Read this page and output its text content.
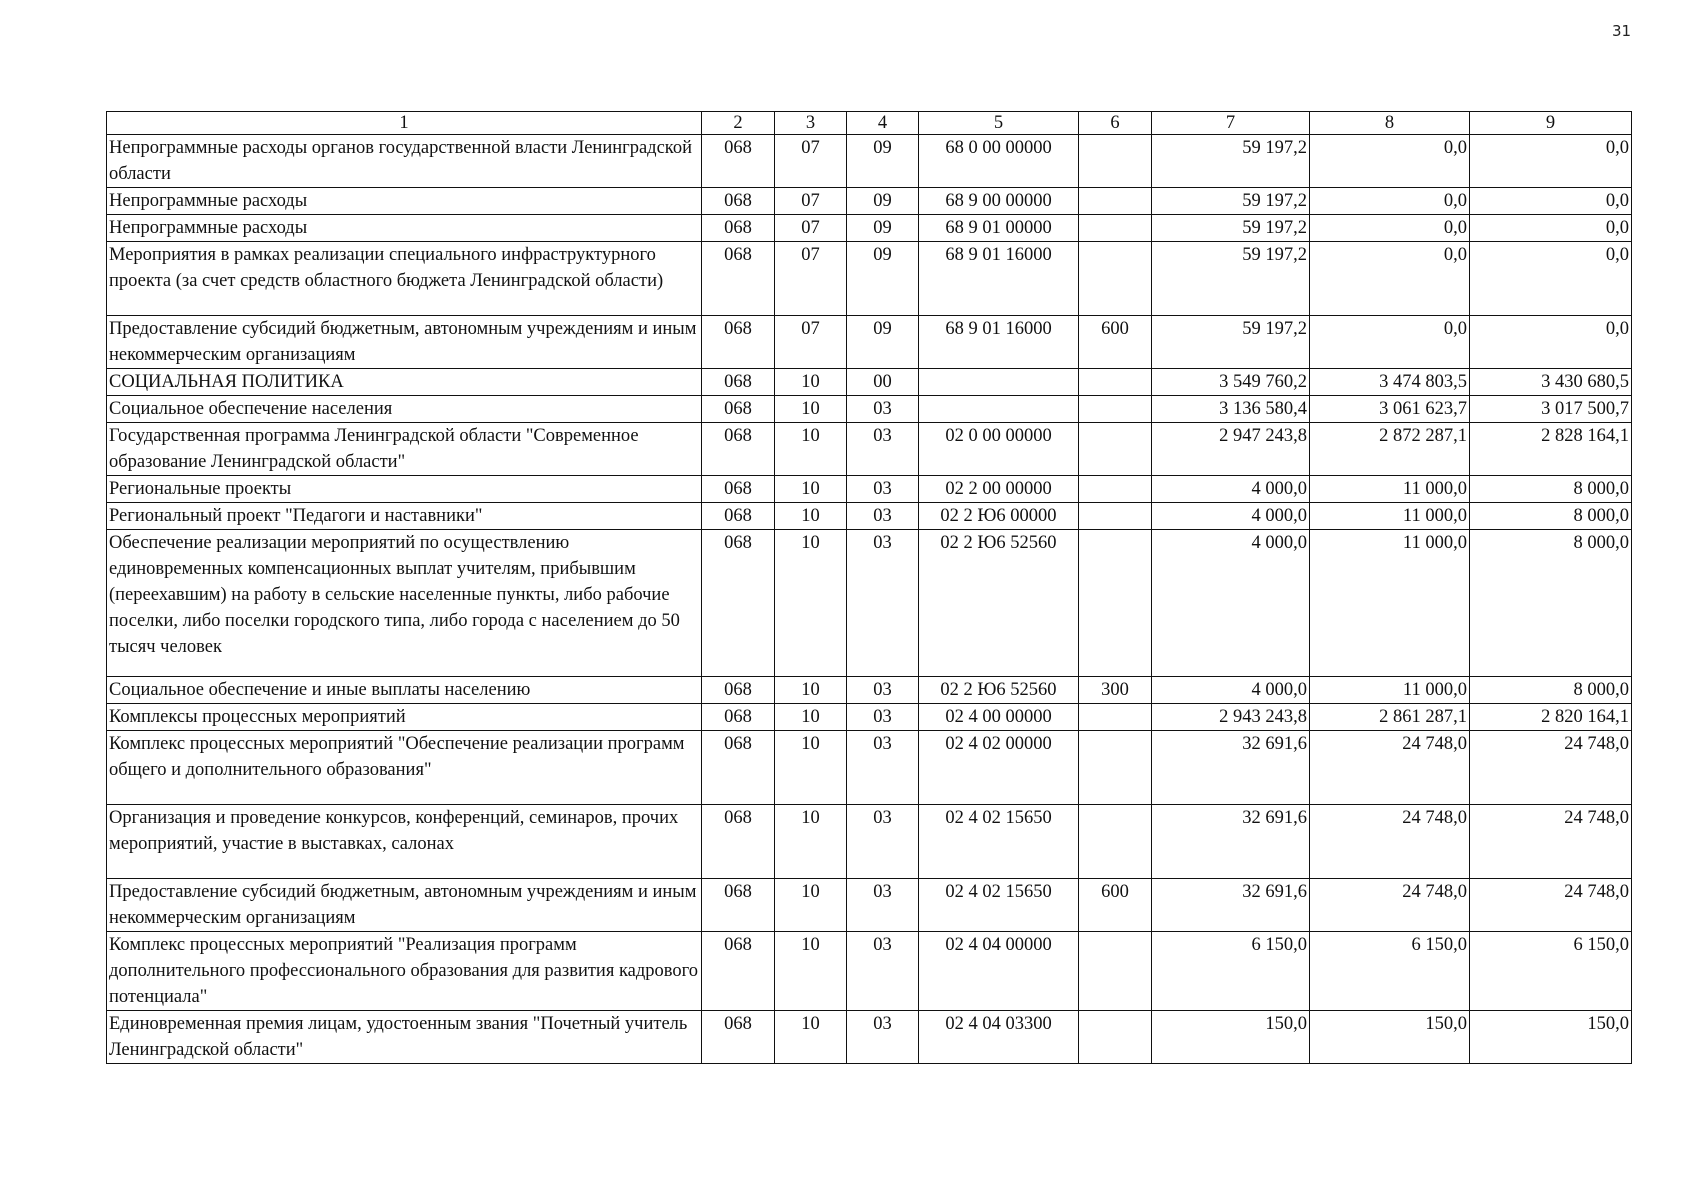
31
1	2	3	4	5	6	7	8	9
Непрограммные расходы органов государственной власти Ленинградской области	068	07	09	68 0 00 00000		59 197,2	0,0	0,0
Непрограммные расходы	068	07	09	68 9 00 00000		59 197,2	0,0	0,0
Непрограммные расходы	068	07	09	68 9 01 00000		59 197,2	0,0	0,0
Мероприятия в рамках реализации специального инфраструктурного проекта (за счет средств областного бюджета Ленинградской области)	068	07	09	68 9 01 16000		59 197,2	0,0	0,0
Предоставление субсидий бюджетным, автономным учреждениям и иным некоммерческим организациям	068	07	09	68 9 01 16000	600	59 197,2	0,0	0,0
СОЦИАЛЬНАЯ ПОЛИТИКА	068	10	00			3 549 760,2	3 474 803,5	3 430 680,5
Социальное обеспечение населения	068	10	03			3 136 580,4	3 061 623,7	3 017 500,7
Государственная программа Ленинградской области "Современное образование Ленинградской области"	068	10	03	02 0 00 00000		2 947 243,8	2 872 287,1	2 828 164,1
Региональные проекты	068	10	03	02 2 00 00000		4 000,0	11 000,0	8 000,0
Региональный проект "Педагоги и наставники"	068	10	03	02 2 Ю6 00000		4 000,0	11 000,0	8 000,0
Обеспечение реализации мероприятий по осуществлению единовременных компенсационных выплат учителям, прибывшим (переехавшим) на работу в сельские населенные пункты, либо рабочие поселки, либо поселки городского типа, либо города с населением до 50 тысяч человек	068	10	03	02 2 Ю6 52560		4 000,0	11 000,0	8 000,0
Социальное обеспечение и иные выплаты населению	068	10	03	02 2 Ю6 52560	300	4 000,0	11 000,0	8 000,0
Комплексы процессных мероприятий	068	10	03	02 4 00 00000		2 943 243,8	2 861 287,1	2 820 164,1
Комплекс процессных мероприятий "Обеспечение реализации программ общего и дополнительного образования"	068	10	03	02 4 02 00000		32 691,6	24 748,0	24 748,0
Организация и проведение конкурсов, конференций, семинаров, прочих мероприятий, участие в выставках, салонах	068	10	03	02 4 02 15650		32 691,6	24 748,0	24 748,0
Предоставление субсидий бюджетным, автономным учреждениям и иным некоммерческим организациям	068	10	03	02 4 02 15650	600	32 691,6	24 748,0	24 748,0
Комплекс процессных мероприятий "Реализация программ дополнительного профессионального образования для развития кадрового потенциала"	068	10	03	02 4 04 00000		6 150,0	6 150,0	6 150,0
Единовременная премия лицам, удостоенным звания "Почетный учитель Ленинградской области"	068	10	03	02 4 04 03300		150,0	150,0	150,0
